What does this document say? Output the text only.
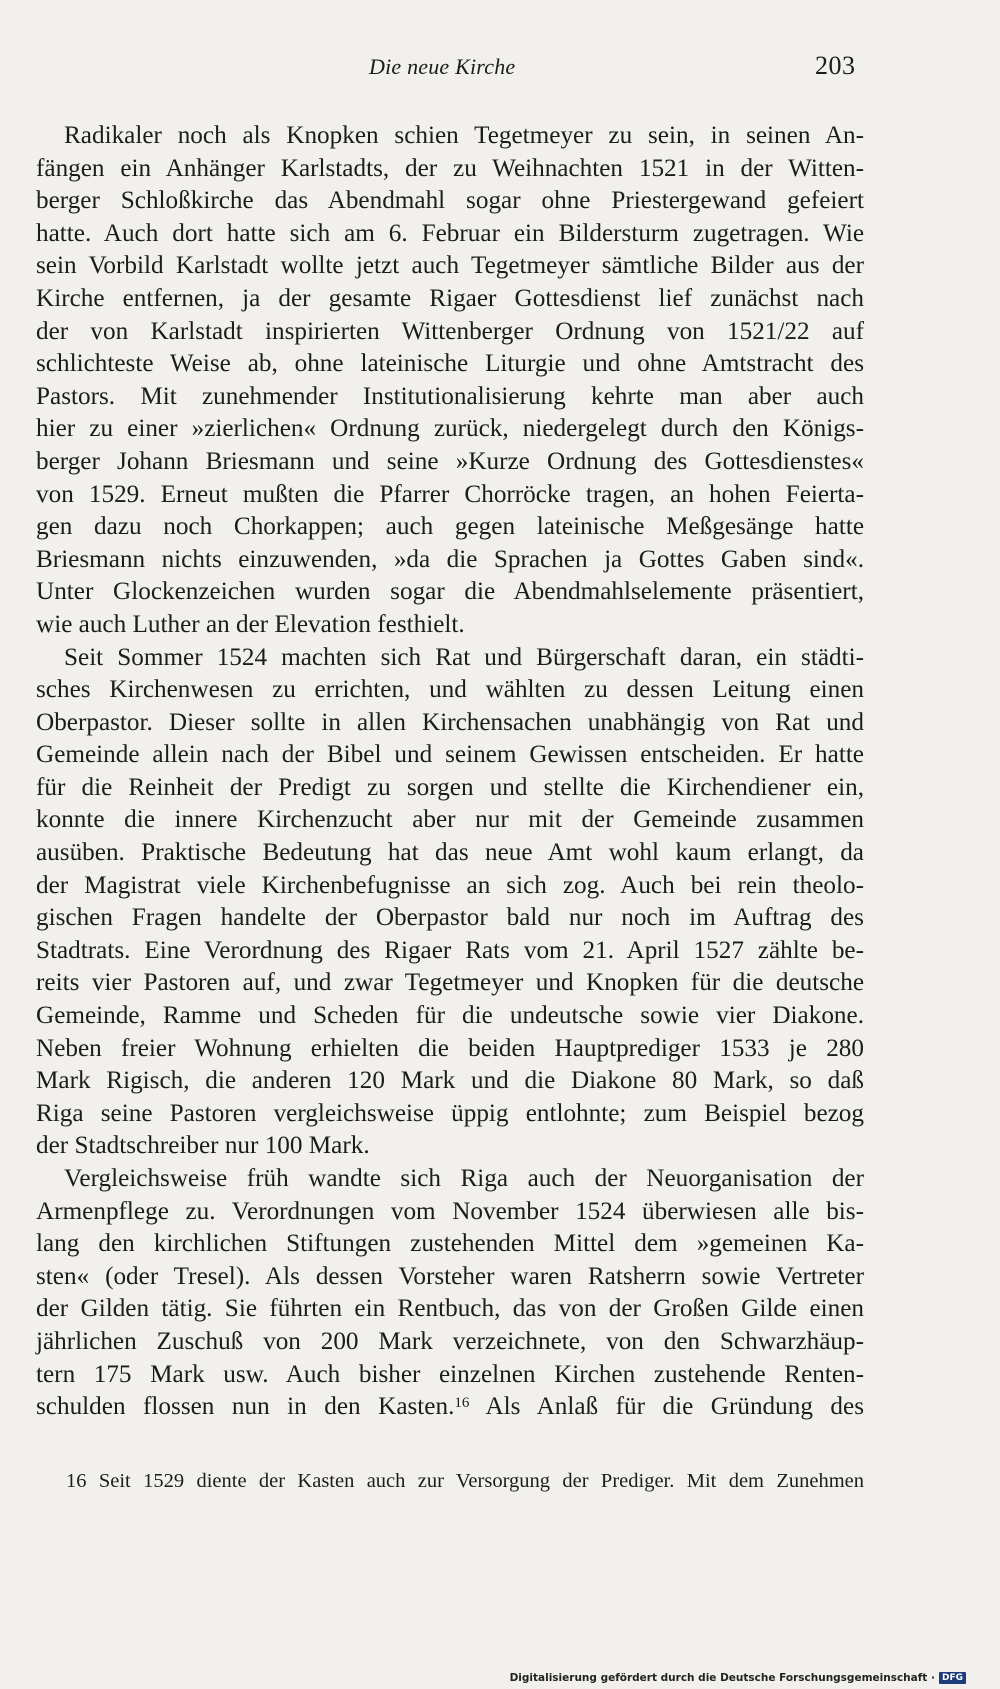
Die neue Kirche	203
Radikaler noch als Knopken schien Tegetmeyer zu sein, in seinen An-
fängen ein Anhänger Karlstadts, der zu Weihnachten 1521 in der Witten-
berger Schloßkirche das Abendmahl sogar ohne Priestergewand gefeiert
hatte. Auch dort hatte sich am 6. Februar ein Bildersturm zugetragen. Wie
sein Vorbild Karlstadt wollte jetzt auch Tegetmeyer sämtliche Bilder aus der
Kirche entfernen, ja der gesamte Rigaer Gottesdienst lief zunächst nach
der von Karlstadt inspirierten Wittenberger Ordnung von 1521/22 auf
schlichteste Weise ab, ohne lateinische Liturgie und ohne Amtstracht des
Pastors. Mit zunehmender Institutionalisierung kehrte man aber auch
hier zu einer »zierlichen« Ordnung zurück, niedergelegt durch den Königs-
berger Johann Briesmann und seine »Kurze Ordnung des Gottesdienstes«
von 1529. Erneut mußten die Pfarrer Chorröcke tragen, an hohen Feierta-
gen dazu noch Chorkappen; auch gegen lateinische Meßgesänge hatte
Briesmann nichts einzuwenden, »da die Sprachen ja Gottes Gaben sind«.
Unter Glockenzeichen wurden sogar die Abendmahlselemente präsentiert,
wie auch Luther an der Elevation festhielt.
Seit Sommer 1524 machten sich Rat und Bürgerschaft daran, ein städti-
sches Kirchenwesen zu errichten, und wählten zu dessen Leitung einen
Oberpastor. Dieser sollte in allen Kirchensachen unabhängig von Rat und
Gemeinde allein nach der Bibel und seinem Gewissen entscheiden. Er hatte
für die Reinheit der Predigt zu sorgen und stellte die Kirchendiener ein,
konnte die innere Kirchenzucht aber nur mit der Gemeinde zusammen
ausüben. Praktische Bedeutung hat das neue Amt wohl kaum erlangt, da
der Magistrat viele Kirchenbefugnisse an sich zog. Auch bei rein theolo-
gischen Fragen handelte der Oberpastor bald nur noch im Auftrag des
Stadtrats. Eine Verordnung des Rigaer Rats vom 21. April 1527 zählte be-
reits vier Pastoren auf, und zwar Tegetmeyer und Knopken für die deutsche
Gemeinde, Ramme und Scheden für die undeutsche sowie vier Diakone.
Neben freier Wohnung erhielten die beiden Hauptprediger 1533 je 280
Mark Rigisch, die anderen 120 Mark und die Diakone 80 Mark, so daß
Riga seine Pastoren vergleichsweise üppig entlohnte; zum Beispiel bezog
der Stadtschreiber nur 100 Mark.
Vergleichsweise früh wandte sich Riga auch der Neuorganisation der
Armenpflege zu. Verordnungen vom November 1524 überwiesen alle bis-
lang den kirchlichen Stiftungen zustehenden Mittel dem »gemeinen Ka-
sten« (oder Tresel). Als dessen Vorsteher waren Ratsherrn sowie Vertreter
der Gilden tätig. Sie führten ein Rentbuch, das von der Großen Gilde einen
jährlichen Zuschuß von 200 Mark verzeichnete, von den Schwarzhäup-
tern 175 Mark usw. Auch bisher einzelnen Kirchen zustehende Renten-
schulden flossen nun in den Kasten.$^{16}$ Als Anlaß für die Gründung des
16 Seit 1529 diente der Kasten auch zur Versorgung der Prediger. Mit dem Zunehmen
Digitalisierung gefördert durch die Deutsche Forschungsgemeinschaft · DFG
